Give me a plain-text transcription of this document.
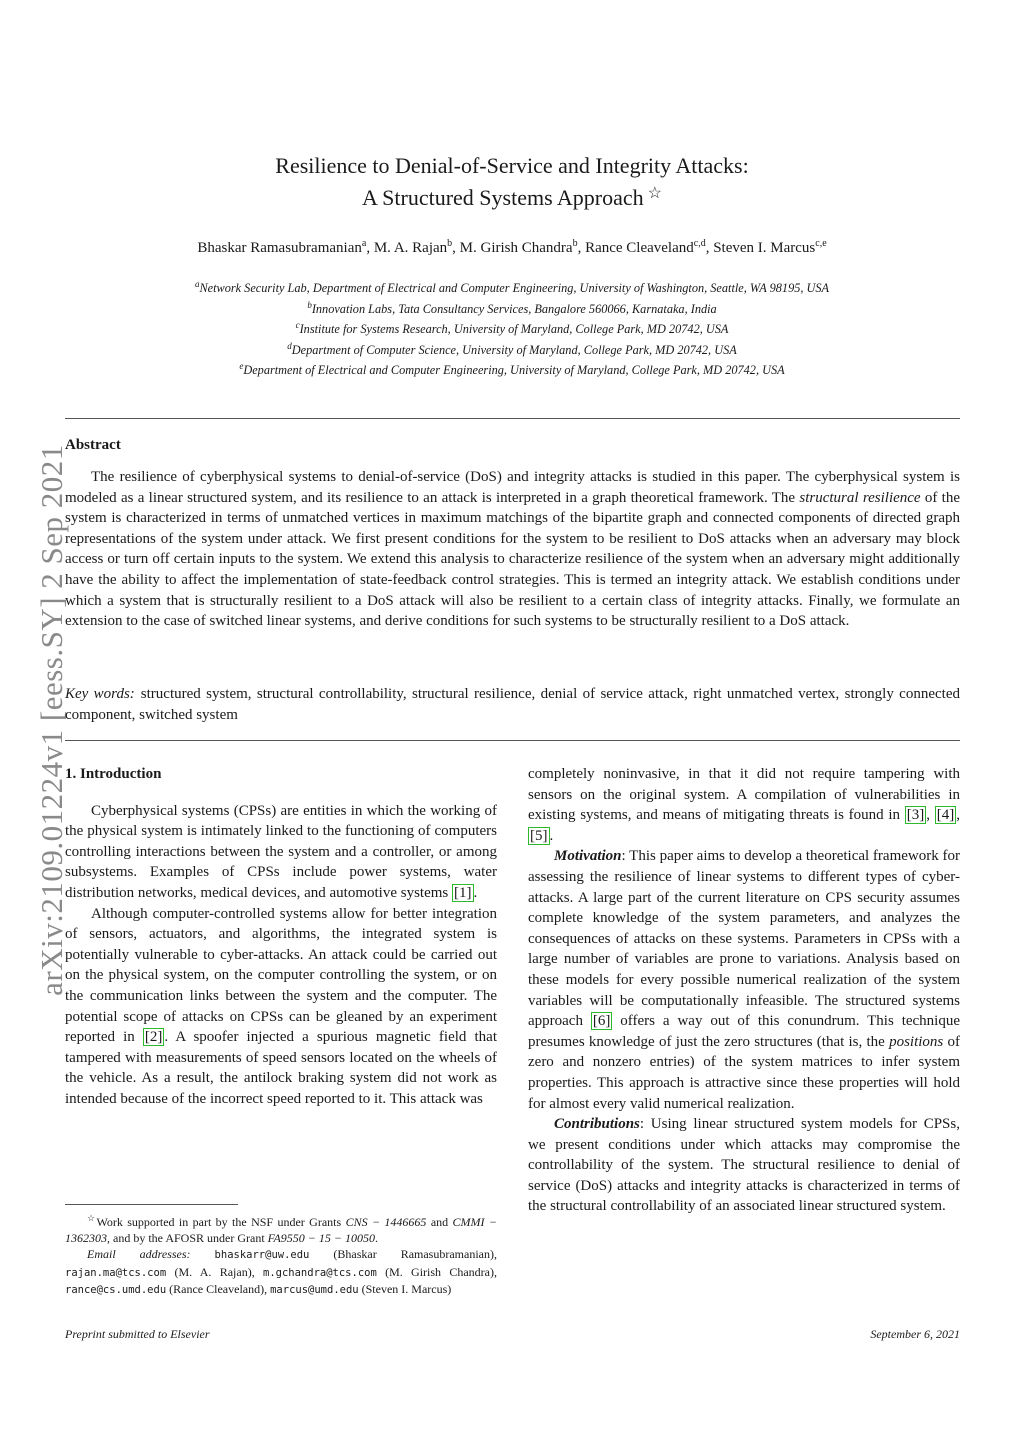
arXiv:2109.01224v1 [eess.SY] 2 Sep 2021
Resilience to Denial-of-Service and Integrity Attacks:
A Structured Systems Approach ☆
Bhaskar Ramasubramanian$^a$, M. A. Rajan$^b$, M. Girish Chandra$^b$, Rance Cleaveland$^{c,d}$, Steven I. Marcus$^{c,e}$
$^a$Network Security Lab, Department of Electrical and Computer Engineering, University of Washington, Seattle, WA 98195, USA
$^b$Innovation Labs, Tata Consultancy Services, Bangalore 560066, Karnataka, India
$^c$Institute for Systems Research, University of Maryland, College Park, MD 20742, USA
$^d$Department of Computer Science, University of Maryland, College Park, MD 20742, USA
$^e$Department of Electrical and Computer Engineering, University of Maryland, College Park, MD 20742, USA
Abstract

The resilience of cyberphysical systems to denial-of-service (DoS) and integrity attacks is studied in this paper. The cyberphysical system is modeled as a linear structured system, and its resilience to an attack is interpreted in a graph theoretical framework. The structural resilience of the system is characterized in terms of unmatched vertices in maximum matchings of the bipartite graph and connected components of directed graph representations of the system under attack. We first present conditions for the system to be resilient to DoS attacks when an adversary may block access or turn off certain inputs to the system. We extend this analysis to characterize resilience of the system when an adversary might additionally have the ability to affect the implementation of state-feedback control strategies. This is termed an integrity attack. We establish conditions under which a system that is structurally resilient to a DoS attack will also be resilient to a certain class of integrity attacks. Finally, we formulate an extension to the case of switched linear systems, and derive conditions for such systems to be structurally resilient to a DoS attack.

Key words: structured system, structural controllability, structural resilience, denial of service attack, right unmatched vertex, strongly connected component, switched system

1. Introduction

Cyberphysical systems (CPSs) are entities in which the working of the physical system is intimately linked to the functioning of computers controlling interactions between the system and a controller, or among subsystems. Examples of CPSs include power systems, water distribution networks, medical devices, and automotive systems [1] .

Although computer-controlled systems allow for better integration of sensors, actuators, and algorithms, the integrated system is potentially vulnerable to cyber-attacks. An attack could be carried out on the physical system, on the computer controlling the system, or on the communication links between the system and the computer. The potential scope of attacks on CPSs can be gleaned by an experiment reported in [2] . A spoofer injected a spurious magnetic field that tampered with measurements of speed sensors located on the wheels of the vehicle. As a result, the antilock braking system did not work as intended because of the incorrect speed reported to it. This attack was

completely noninvasive, in that it did not require tampering with sensors on the original system. A compilation of vulnerabilities in existing systems, and means of mitigating threats is found in [3] , [4] , [5] .

Motivation: This paper aims to develop a theoretical framework for assessing the resilience of linear systems to different types of cyber-attacks. A large part of the current literature on CPS security assumes complete knowledge of the system parameters, and analyzes the consequences of attacks on these systems. Parameters in CPSs with a large number of variables are prone to variations. Analysis based on these models for every possible numerical realization of the system variables will be computationally infeasible. The structured systems approach [6] offers a way out of this conundrum. This technique presumes knowledge of just the zero structures (that is, the positions of zero and nonzero entries) of the system matrices to infer system properties. This approach is attractive since these properties will hold for almost every valid numerical realization.

Contributions: Using linear structured system models for CPSs, we present conditions under which attacks may compromise the controllability of the system. The structural resilience to denial of service (DoS) attacks and integrity attacks is characterized in terms of the structural controllability of an associated linear structured system.

☆Work supported in part by the NSF under Grants CNS − 1446665 and CMMI − 1362303, and by the AFOSR under Grant FA9550 − 15 − 10050.

Email addresses: bhaskarr@uw.edu (Bhaskar Ramasubramanian), rajan.ma@tcs.com (M. A. Rajan), m.gchandra@tcs.com (M. Girish Chandra), rance@cs.umd.edu (Rance Cleaveland), marcus@umd.edu (Steven I. Marcus)

Preprint submitted to Elsevier	September 6, 2021
